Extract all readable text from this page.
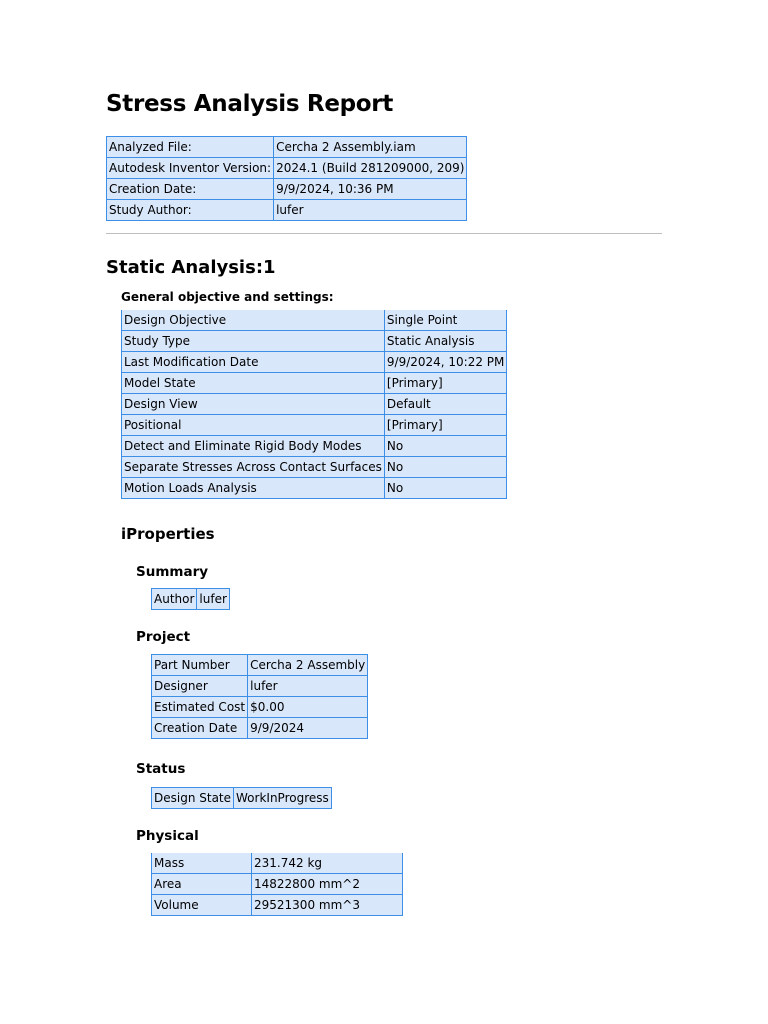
Stress Analysis Report
Analyzed File:	Cercha 2 Assembly.iam
Autodesk Inventor Version:	2024.1 (Build 281209000, 209)
Creation Date:	9/9/2024, 10:36 PM
Study Author:	lufer
Static Analysis:1
General objective and settings:
Design Objective	Single Point
Study Type	Static Analysis
Last Modification Date	9/9/2024, 10:22 PM
Model State	[Primary]
Design View	Default
Positional	[Primary]
Detect and Eliminate Rigid Body Modes	No
Separate Stresses Across Contact Surfaces	No
Motion Loads Analysis	No
iProperties
Summary
Author	lufer
Project
Part Number	Cercha 2 Assembly
Designer	lufer
Estimated Cost	$0.00
Creation Date	9/9/2024
Status
Design State	WorkInProgress
Physical
Mass	231.742 kg
Area	14822800 mm^2
Volume	29521300 mm^3
